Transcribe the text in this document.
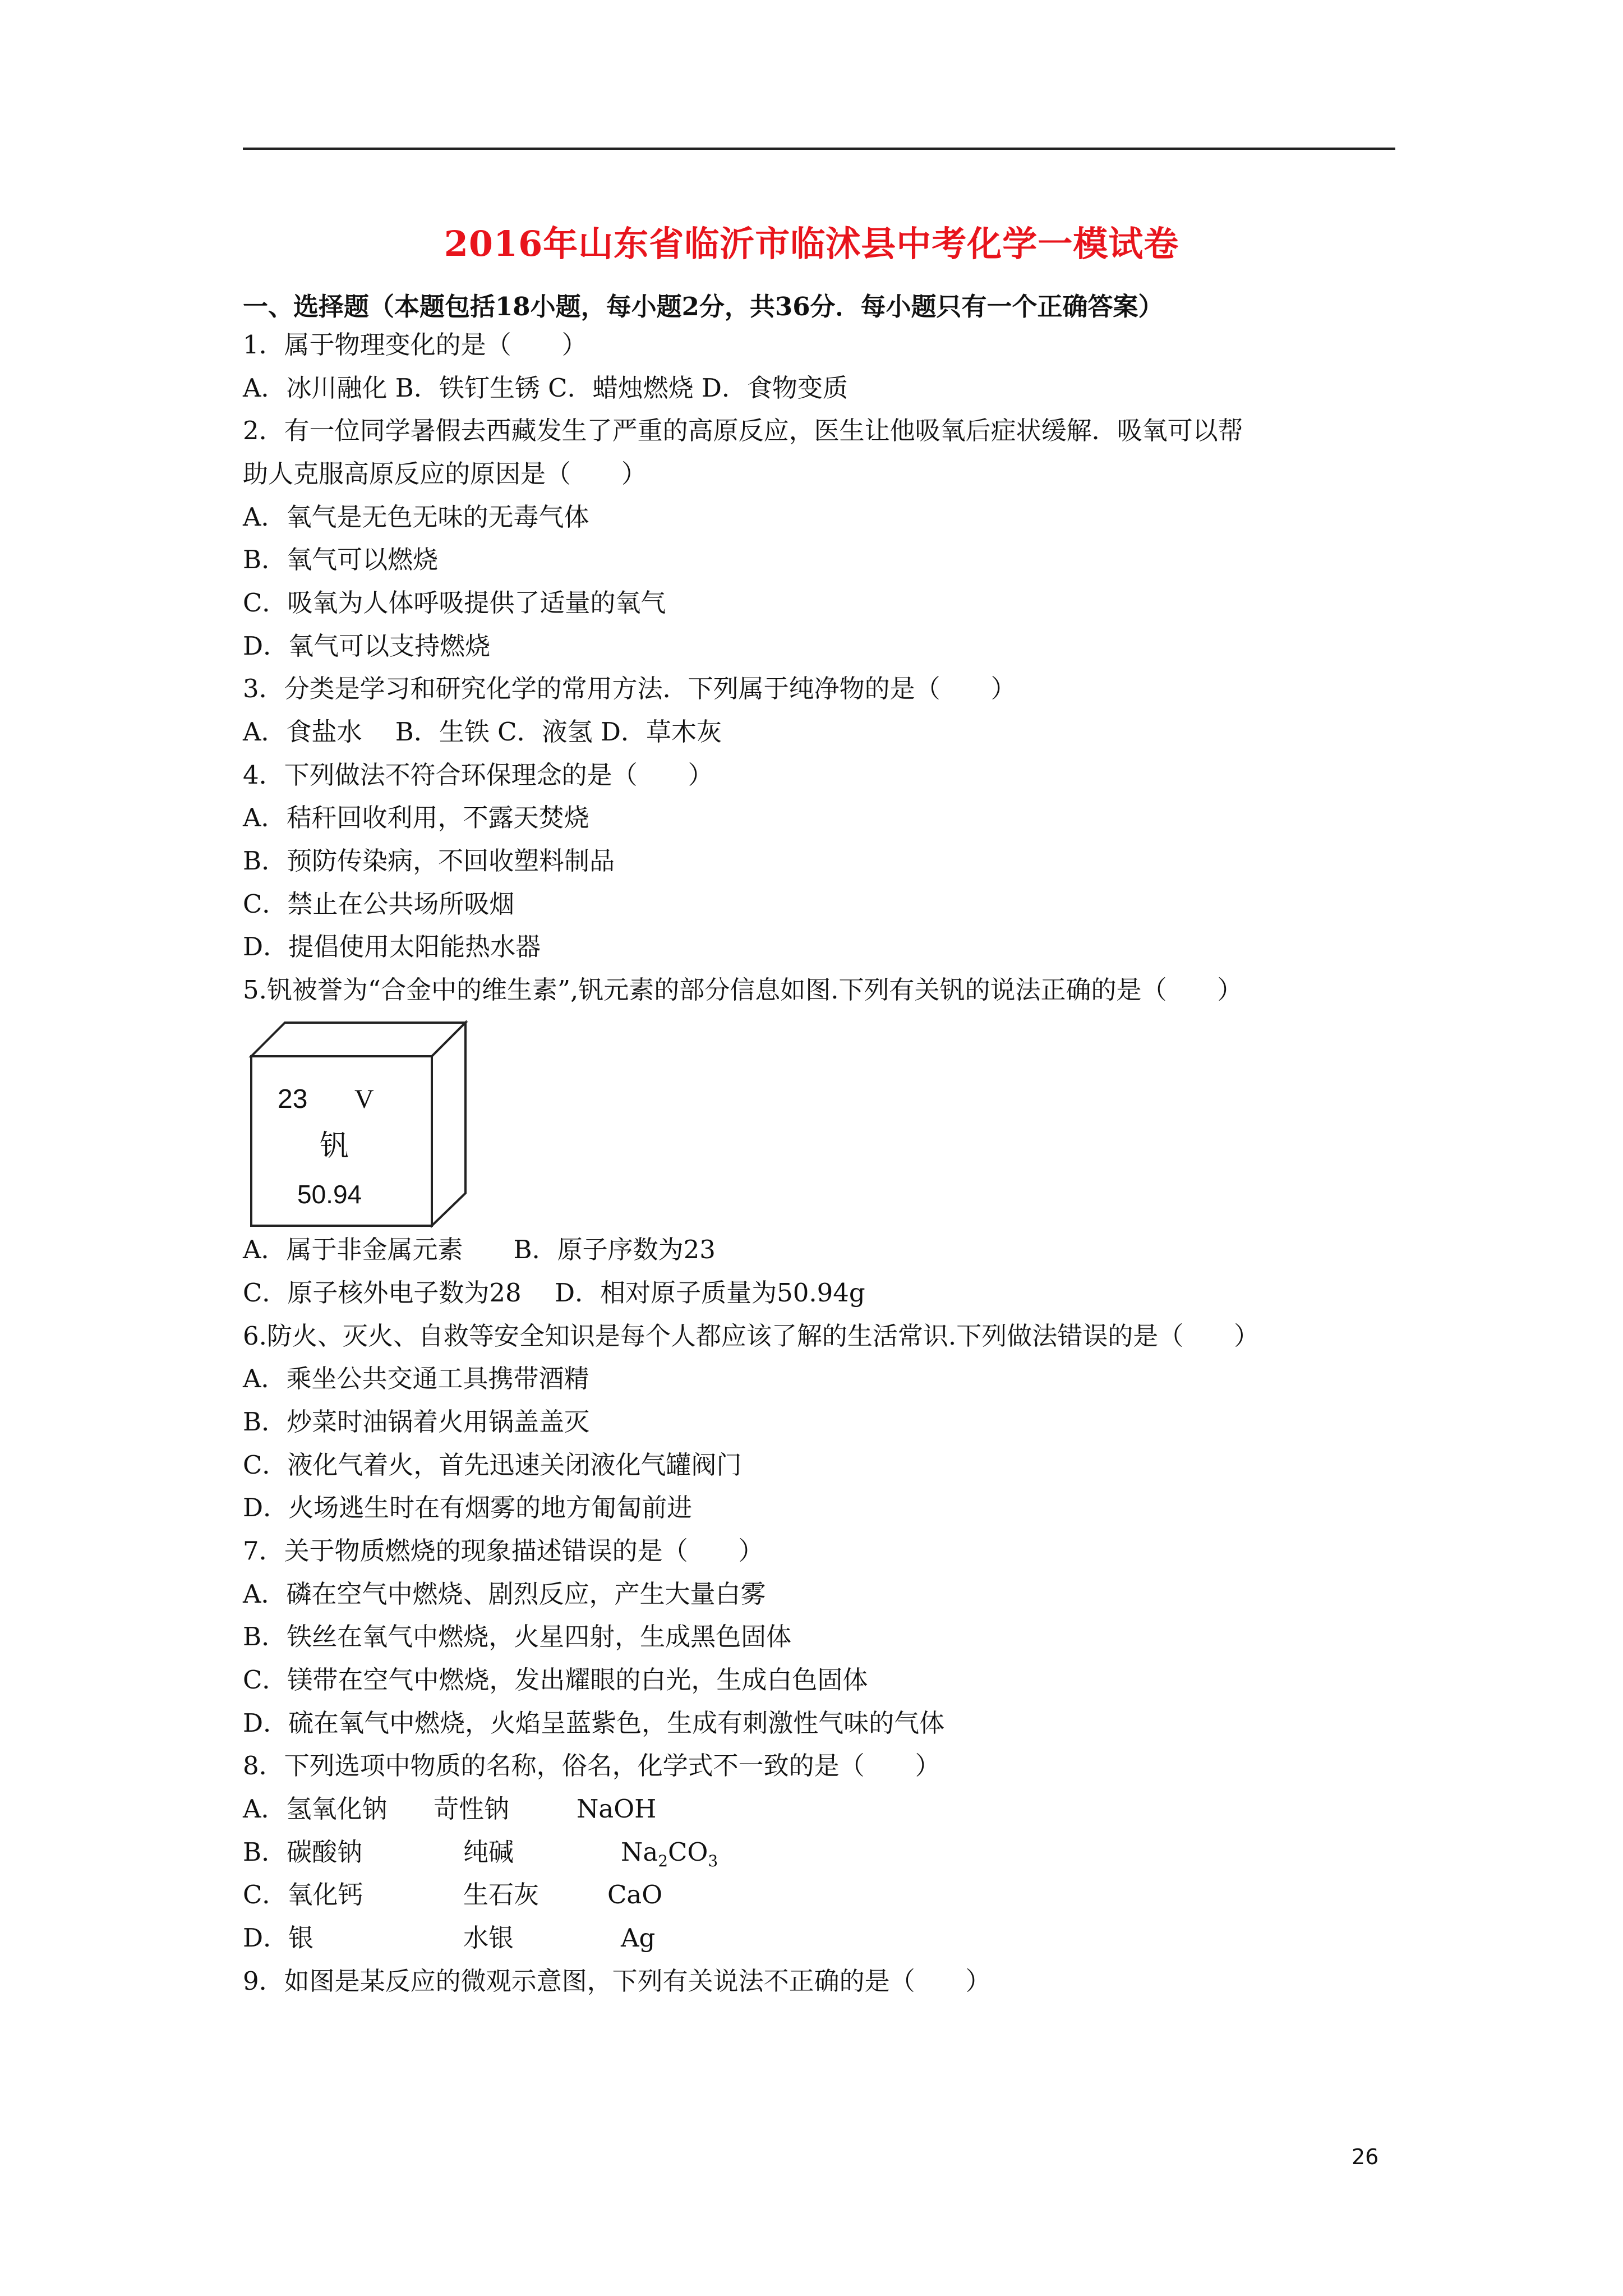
2016年山东省临沂市临沭县中考化学一模试卷
一、选择题（本题包括18小题，每小题2分，共36分．每小题只有一个正确答案）
1．属于物理变化的是（　　）
A．冰川融化 B．铁钉生锈 C．蜡烛燃烧 D．食物变质
2．有一位同学暑假去西藏发生了严重的高原反应，医生让他吸氧后症状缓解．吸氧可以帮
助人克服高原反应的原因是（　　）
A．氧气是无色无味的无毒气体
B．氧气可以燃烧
C．吸氧为人体呼吸提供了适量的氧气
D．氧气可以支持燃烧
3．分类是学习和研究化学的常用方法．下列属于纯净物的是（　　）
A．食盐水　 B．生铁 C．液氢 D．草木灰
4．下列做法不符合环保理念的是（　　）
A．秸秆回收利用，不露天焚烧
B．预防传染病，不回收塑料制品
C．禁止在公共场所吸烟
D．提倡使用太阳能热水器
5.钒被誉为“合金中的维生素”,钒元素的部分信息如图.下列有关钒的说法正确的是（　　）
23 V
钒
50.94
A．属于非金属元素　　B．原子序数为23
C．原子核外电子数为28　 D．相对原子质量为50.94g
6.防火、灭火、自救等安全知识是每个人都应该了解的生活常识.下列做法错误的是（　　）
A．乘坐公共交通工具携带酒精
B．炒菜时油锅着火用锅盖盖灭
C．液化气着火，首先迅速关闭液化气罐阀门
D．火场逃生时在有烟雾的地方匍匐前进
7．关于物质燃烧的现象描述错误的是（　　）
A．磷在空气中燃烧、剧烈反应，产生大量白雾
B．铁丝在氧气中燃烧，火星四射，生成黑色固体
C．镁带在空气中燃烧，发出耀眼的白光，生成白色固体
D．硫在氧气中燃烧，火焰呈蓝紫色，生成有刺激性气味的气体
8．下列选项中物质的名称，俗名，化学式不一致的是（　　）
A．氢氧化钠 苛性钠	NaOH
B．碳酸钠	纯碱	$Na_2CO_3$
C．氧化钙	生石灰	CaO
D．银	水银	Ag
9．如图是某反应的微观示意图，下列有关说法不正确的是（　　）
26
